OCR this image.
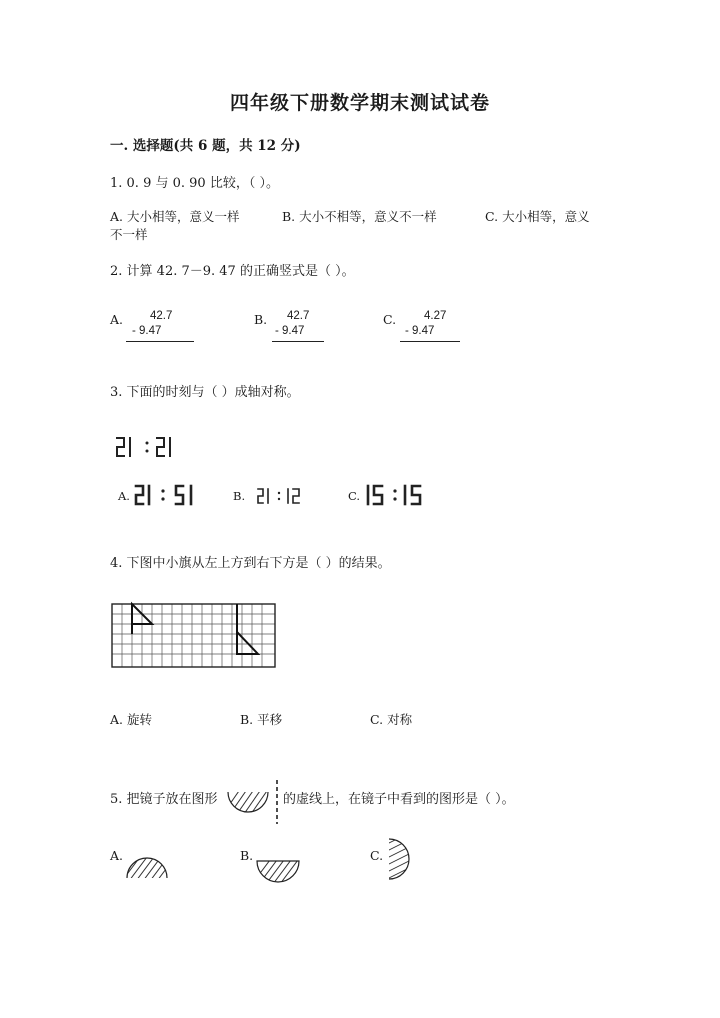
四年级下册数学期末测试试卷
一. 选择题(共 6 题，共 12 分)
1. 0. 9 与 0. 90 比较，（ ）。
A. 大小相等，意义一样	B. 大小不相等，意义不一样	C. 大小相等，意义
不一样
2. 计算 42. 7－9. 47 的正确竖式是（ ）。
A. 42.7
- 9.47
B. 42.7
- 9.47
C. 4.27
- 9.47
3. 下面的时刻与（ ）成轴对称。
A.	B.	C.
4. 下图中小旗从左上方到右下方是（ ）的结果。
A. 旋转	B. 平移	C. 对称
5. 把镜子放在图形	的虚线上，在镜子中看到的图形是（ ）。
A.	B.	C.
